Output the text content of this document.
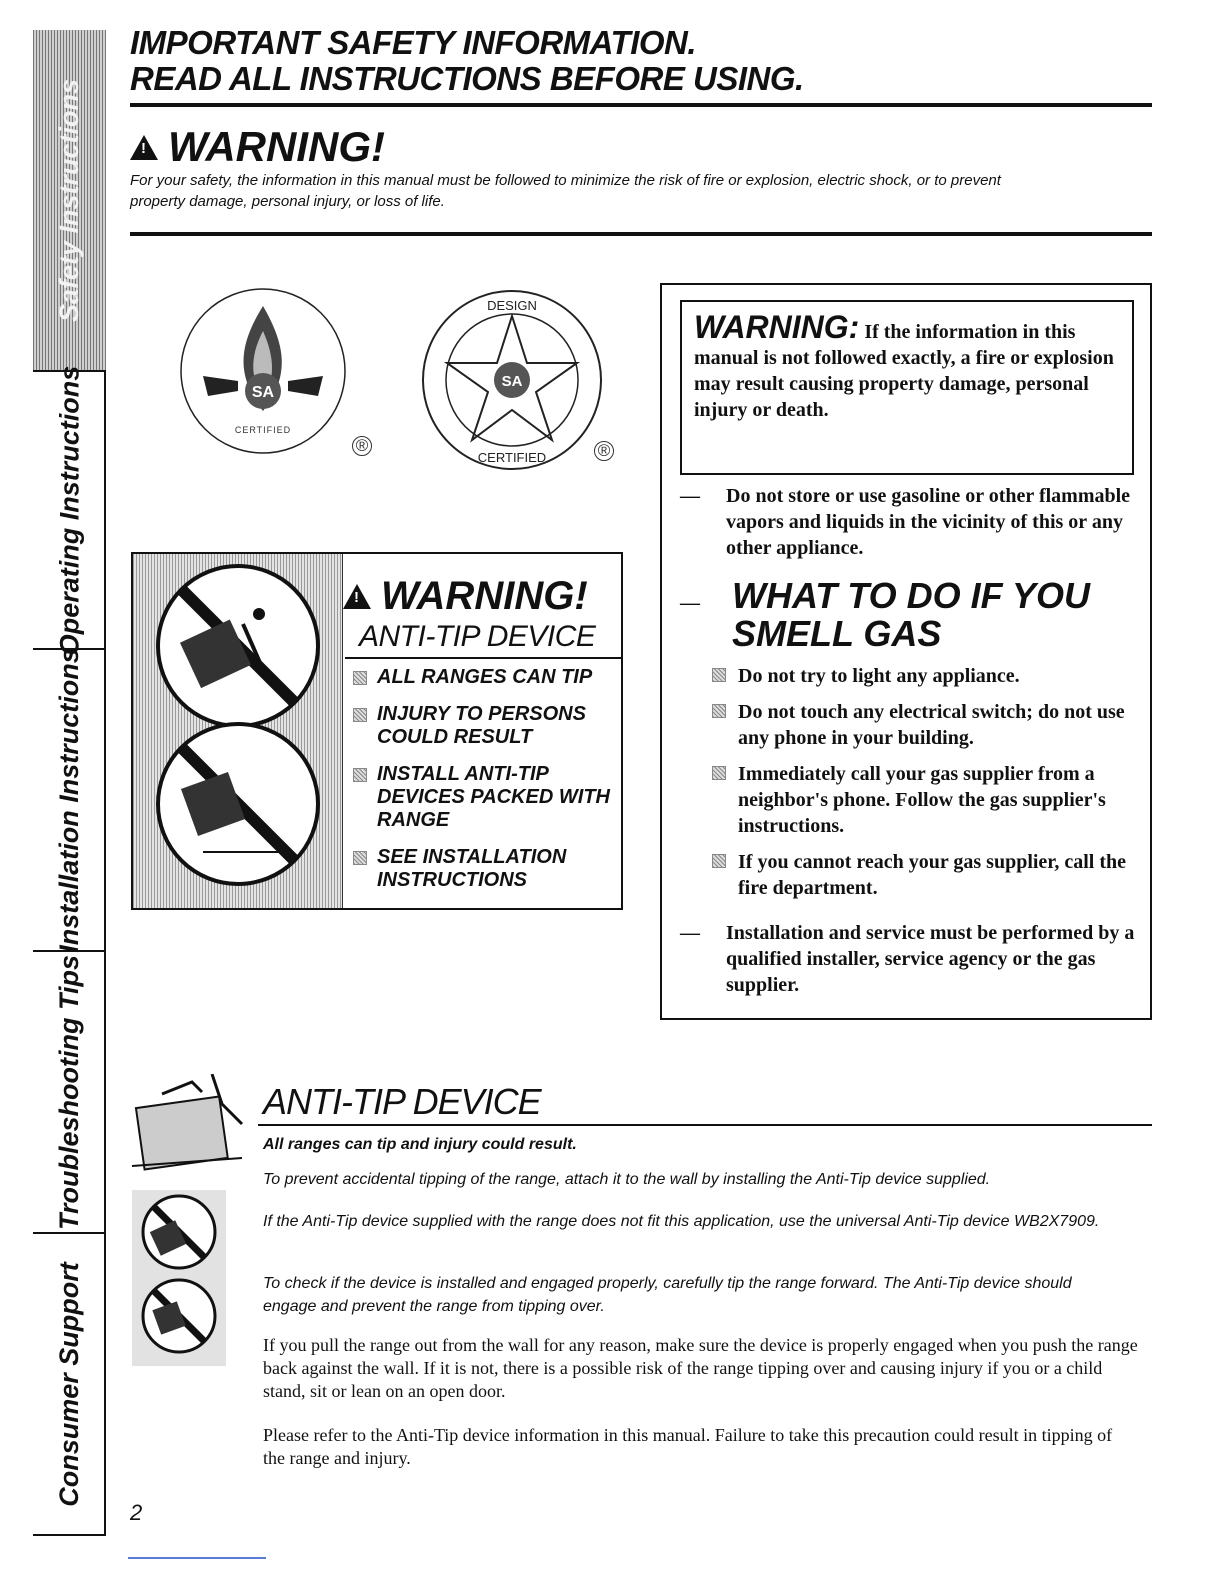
Safety Instructions
Operating Instructions
Installation Instructions
Troubleshooting Tips
Consumer Support
IMPORTANT SAFETY INFORMATION.
READ ALL INSTRUCTIONS BEFORE USING.
!
WARNING!
For your safety, the information in this manual must be followed to minimize the risk of fire or explosion, electric shock, or to prevent property damage, personal injury, or loss of life.
SA
CERTIFIED
®
SA
DESIGN
CERTIFIED	®
!
WARNING!
ANTI-TIP DEVICE
ALL RANGES CAN TIP
INJURY TO PERSONS COULD RESULT
INSTALL ANTI-TIP DEVICES PACKED WITH RANGE
SEE INSTALLATION INSTRUCTIONS

WARNING: If the information in this manual is not followed exactly, a fire or explosion may result causing property damage, personal injury or death.

— Do not store or use gasoline or other flammable vapors and liquids in the vicinity of this or any other appliance.

— WHAT TO DO IF YOU
SMELL GAS
Do not try to light any appliance.
Do not touch any electrical switch; do not use any phone in your building.
Immediately call your gas supplier from a neighbor's phone. Follow the gas supplier's instructions.
If you cannot reach your gas supplier, call the fire department.
— Installation and service must be performed by a qualified installer, service agency or the gas supplier.

ANTI-TIP DEVICE

All ranges can tip and injury could result.

To prevent accidental tipping of the range, attach it to the wall by installing the Anti-Tip device supplied.

If the Anti-Tip device supplied with the range does not fit this application, use the universal Anti-Tip device WB2X7909.

To check if the device is installed and engaged properly, carefully tip the range forward. The Anti-Tip device should engage and prevent the range from tipping over.

If you pull the range out from the wall for any reason, make sure the device is properly engaged when you push the range back against the wall. If it is not, there is a possible risk of the range tipping over and causing injury if you or a child stand, sit or lean on an open door.

Please refer to the Anti-Tip device information in this manual. Failure to take this precaution could result in tipping of the range and injury.

2
